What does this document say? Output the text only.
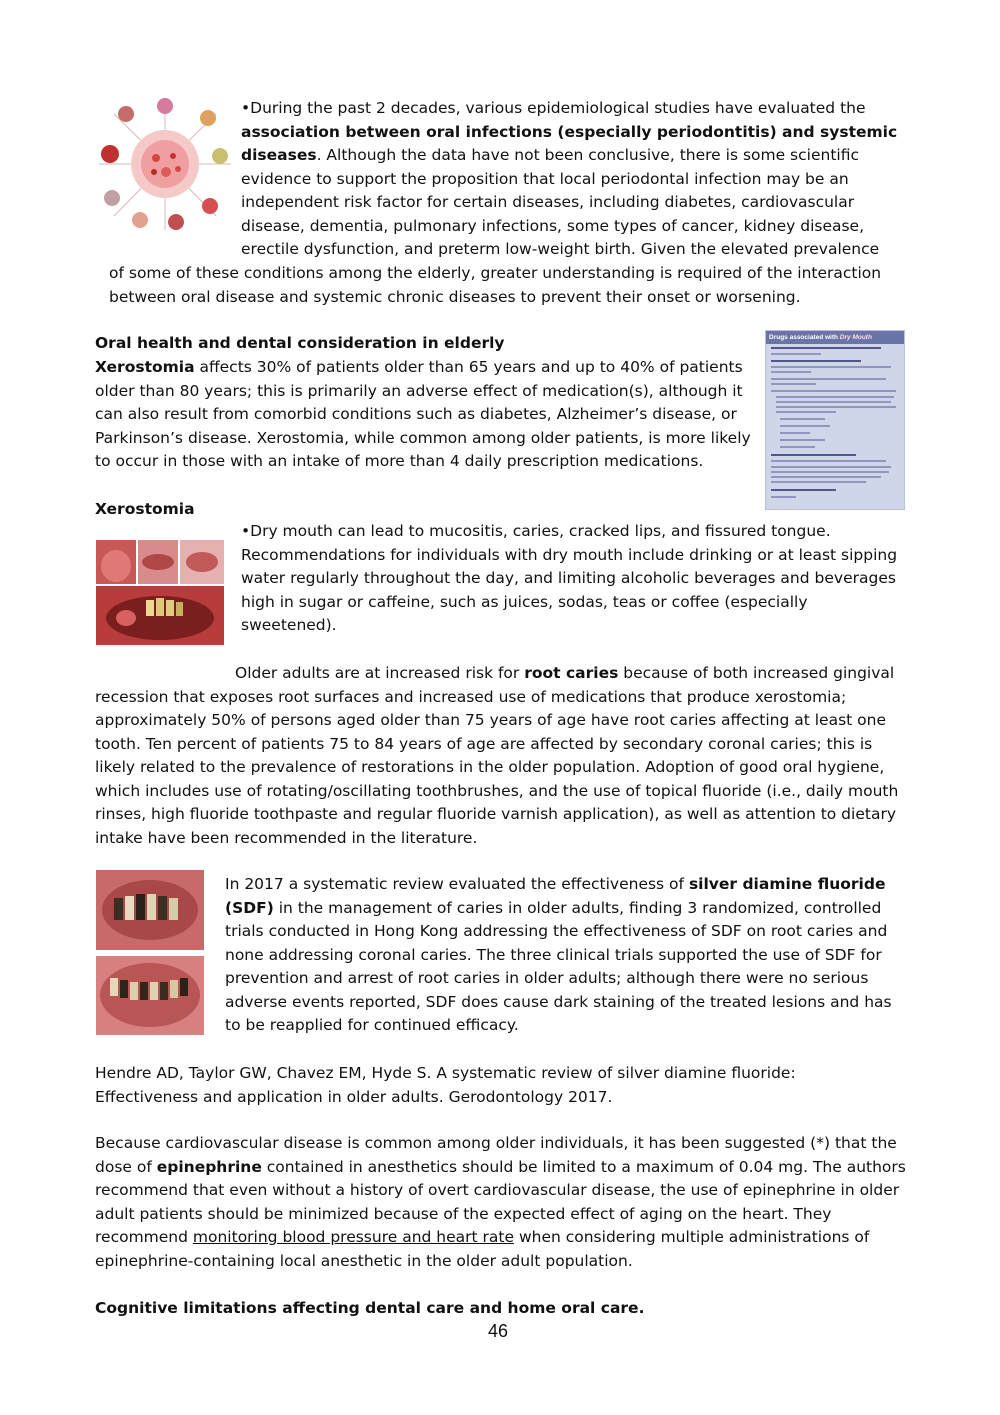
•During the past 2 decades, various epidemiological studies have evaluated the association between oral infections (especially periodontitis) and systemic diseases. Although the data have not been conclusive, there is some scientific evidence to support the proposition that local periodontal infection may be an independent risk factor for certain diseases, including diabetes, cardiovascular disease, dementia, pulmonary infections, some types of cancer, kidney disease, erectile dysfunction, and preterm low-weight birth. Given the elevated prevalence

of some of these conditions among the elderly, greater understanding is required of the interaction between oral disease and systemic chronic diseases to prevent their onset or worsening.

Oral health and dental consideration in elderly

Xerostomia affects 30% of patients older than 65 years and up to 40% of patients older than 80 years; this is primarily an adverse effect of medication(s), although it can also result from comorbid conditions such as diabetes, Alzheimer’s disease, or Parkinson’s disease. Xerostomia, while common among older patients, is more likely to occur in those with an intake of more than 4 daily prescription medications.

Drugs associated with Dry Mouth

Xerostomia

•Dry mouth can lead to mucositis, caries, cracked lips, and fissured tongue. Recommendations for individuals with dry mouth include drinking or at least sipping water regularly throughout the day, and limiting alcoholic beverages and beverages high in sugar or caffeine, such as juices, sodas, teas or coffee (especially sweetened).

Older adults are at increased risk for root caries because of both increased gingival recession that exposes root surfaces and increased use of medications that produce xerostomia; approximately 50% of persons aged older than 75 years of age have root caries affecting at least one tooth. Ten percent of patients 75 to 84 years of age are affected by secondary coronal caries; this is likely related to the prevalence of restorations in the older population. Adoption of good oral hygiene, which includes use of rotating/oscillating toothbrushes, and the use of topical fluoride (i.e., daily mouth rinses, high fluoride toothpaste and regular fluoride varnish application), as well as attention to dietary intake have been recommended in the literature.

In 2017 a systematic review evaluated the effectiveness of silver diamine fluoride (SDF) in the management of caries in older adults, finding 3 randomized, controlled trials conducted in Hong Kong addressing the effectiveness of SDF on root caries and none addressing coronal caries. The three clinical trials supported the use of SDF for prevention and arrest of root caries in older adults; although there were no serious adverse events reported, SDF does cause dark staining of the treated lesions and has to be reapplied for continued efficacy.

Hendre AD, Taylor GW, Chavez EM, Hyde S. A systematic review of silver diamine fluoride: Effectiveness and application in older adults. Gerodontology 2017.

Because cardiovascular disease is common among older individuals, it has been suggested (*) that the dose of epinephrine contained in anesthetics should be limited to a maximum of 0.04 mg. The authors recommend that even without a history of overt cardiovascular disease, the use of epinephrine in older adult patients should be minimized because of the expected effect of aging on the heart. They recommend monitoring blood pressure and heart rate when considering multiple administrations of epinephrine-containing local anesthetic in the older adult population.

Cognitive limitations affecting dental care and home oral care.

46
